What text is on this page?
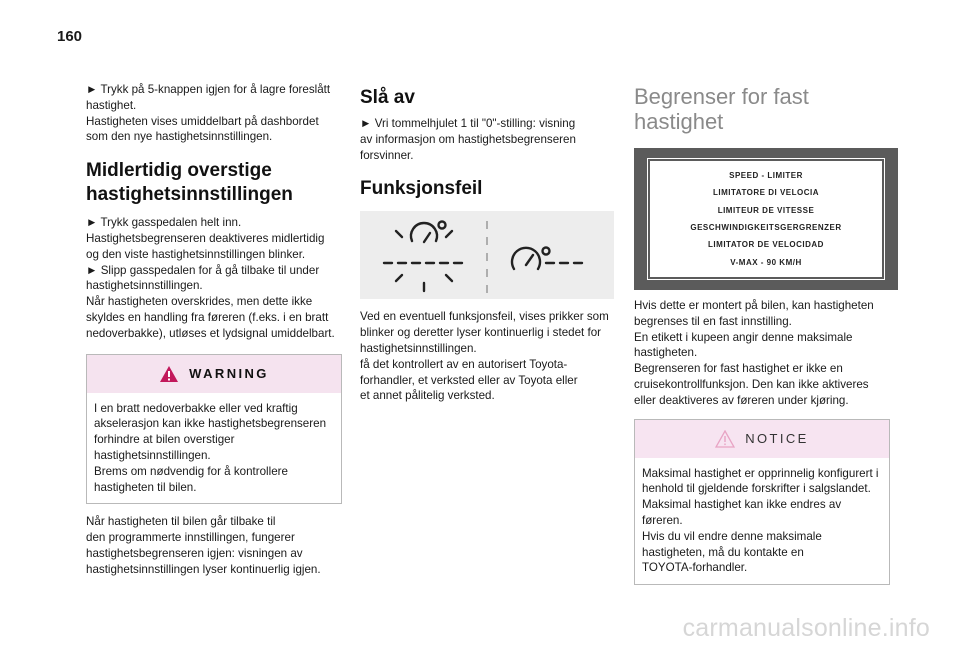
160

► Trykk på 5-knappen igjen for å lagre foreslått

hastighet.

Hastigheten vises umiddelbart på dashbordet

som den nye hastighetsinnstillingen.

Midlertidig overstige
hastighetsinnstillingen

► Trykk gasspedalen helt inn.

Hastighetsbegrenseren deaktiveres midlertidig

og den viste hastighetsinnstillingen blinker.

► Slipp gasspedalen for å gå tilbake til under

hastighetsinnstillingen.

Når hastigheten overskrides, men dette ikke

skyldes en handling fra føreren (f.eks. i en bratt

nedoverbakke), utløses et lydsignal umiddelbart.

WARNING

I en bratt nedoverbakke eller ved kraftig

akselerasjon kan ikke hastighetsbegrenseren

forhindre at bilen overstiger

hastighetsinnstillingen.

Brems om nødvendig for å kontrollere

hastigheten til bilen.

Når hastigheten til bilen går tilbake til

den programmerte innstillingen, fungerer

hastighetsbegrenseren igjen: visningen av

hastighetsinnstillingen lyser kontinuerlig igjen.

Slå av

► Vri tommelhjulet 1 til "0"-stilling: visning

av informasjon om hastighetsbegrenseren

forsvinner.

Funksjonsfeil

Ved en eventuell funksjonsfeil, vises prikker som

blinker og deretter lyser kontinuerlig i stedet for

hastighetsinnstillingen.

få det kontrollert av en autorisert Toyota-

forhandler, et verksted eller av Toyota eller

et annet pålitelig verksted.

Begrenser for fast
hastighet
SPEED - LIMITER
LIMITATORE DI VELOCIA
LIMITEUR DE VITESSE
GESCHWINDIGKEITSGERGRENZER
LIMITATOR DE VELOCIDAD
V-MAX - 90 KM/H

Hvis dette er montert på bilen, kan hastigheten

begrenses til en fast innstilling.

En etikett i kupeen angir denne maksimale

hastigheten.

Begrenseren for fast hastighet er ikke en

cruisekontrollfunksjon. Den kan ikke aktiveres

eller deaktiveres av føreren under kjøring.

NOTICE

Maksimal hastighet er opprinnelig konfigurert i

henhold til gjeldende forskrifter i salgslandet.

Maksimal hastighet kan ikke endres av

føreren.

Hvis du vil endre denne maksimale

hastigheten, må du kontakte en

TOYOTA-forhandler.

carmanualsonline.info
